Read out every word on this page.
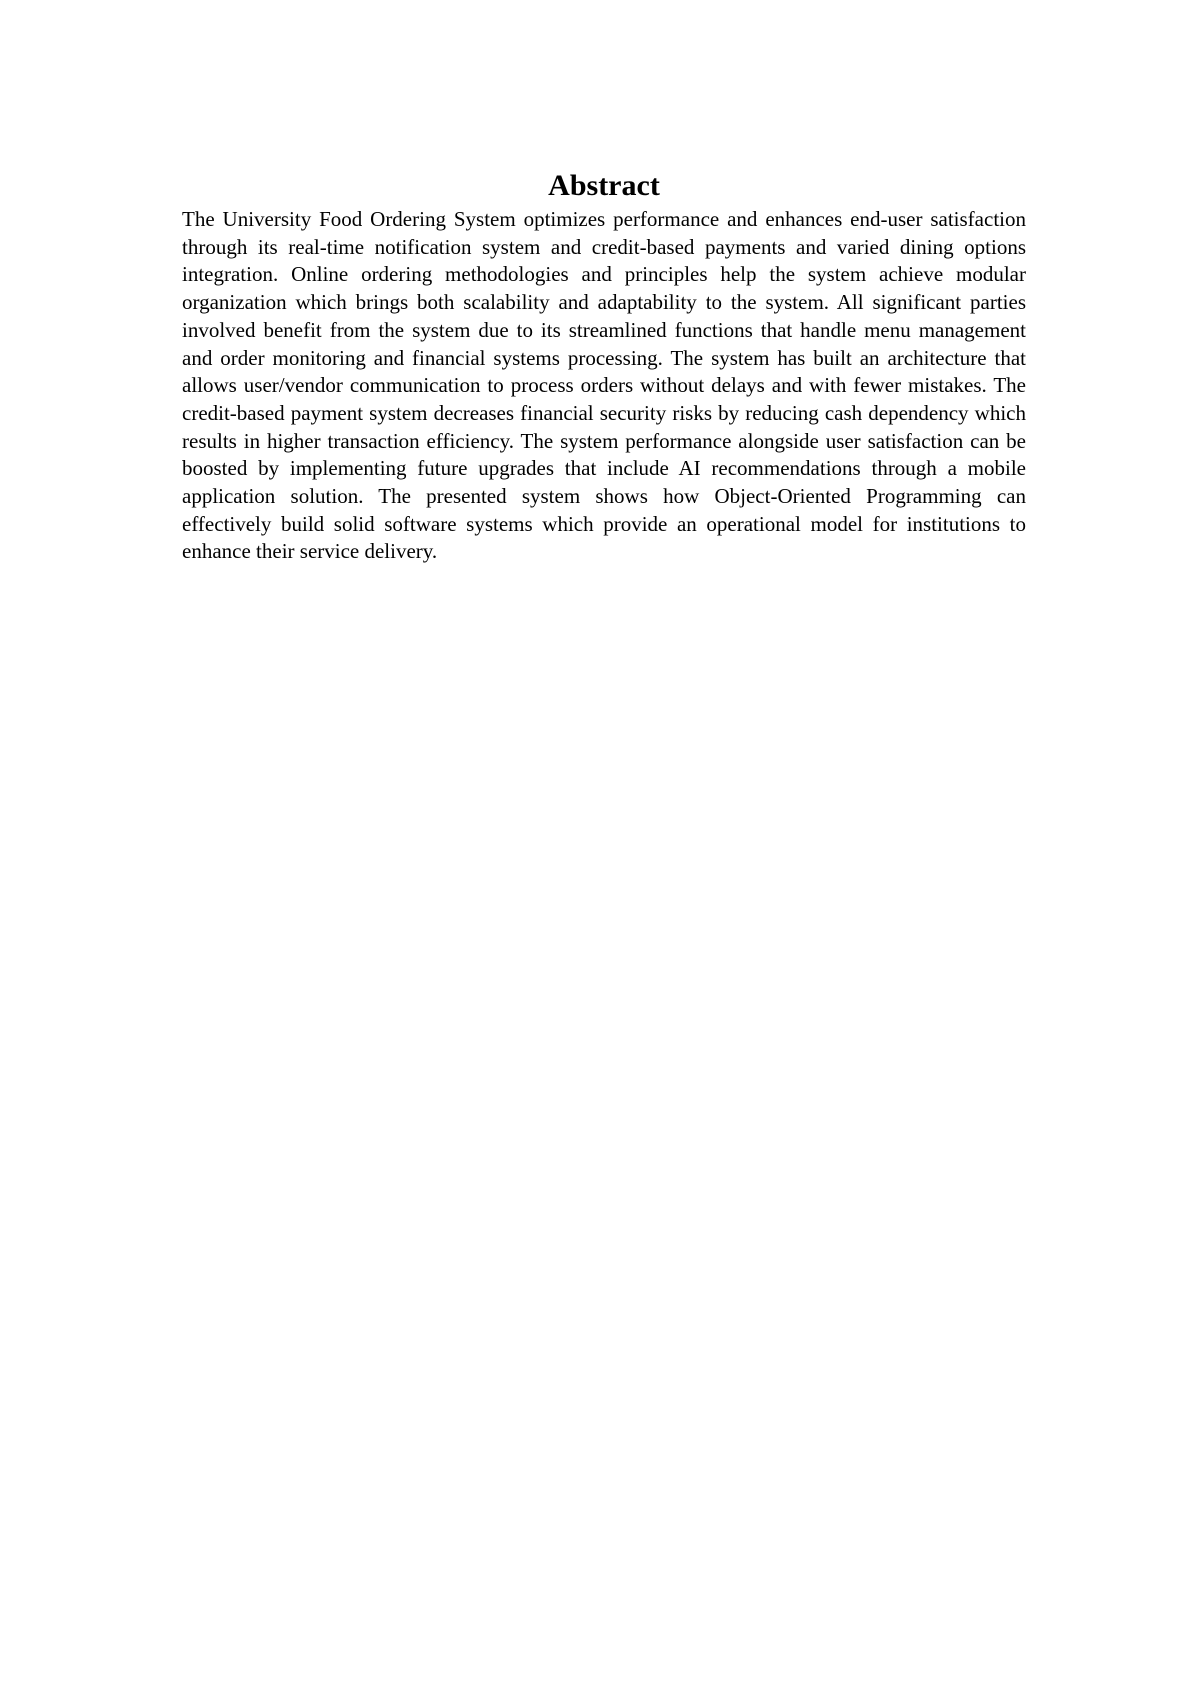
Abstract

The University Food Ordering System optimizes performance and enhances end-user satisfaction through its real-time notification system and credit-based payments and varied dining options integration. Online ordering methodologies and principles help the system achieve modular organization which brings both scalability and adaptability to the system. All significant parties involved benefit from the system due to its streamlined functions that handle menu management and order monitoring and financial systems processing. The system has built an architecture that allows user/vendor communication to process orders without delays and with fewer mistakes. The credit-based payment system decreases financial security risks by reducing cash dependency which results in higher transaction efficiency. The system performance alongside user satisfaction can be boosted by implementing future upgrades that include AI recommendations through a mobile application solution. The presented system shows how Object-Oriented Programming can effectively build solid software systems which provide an operational model for institutions to enhance their service delivery.
